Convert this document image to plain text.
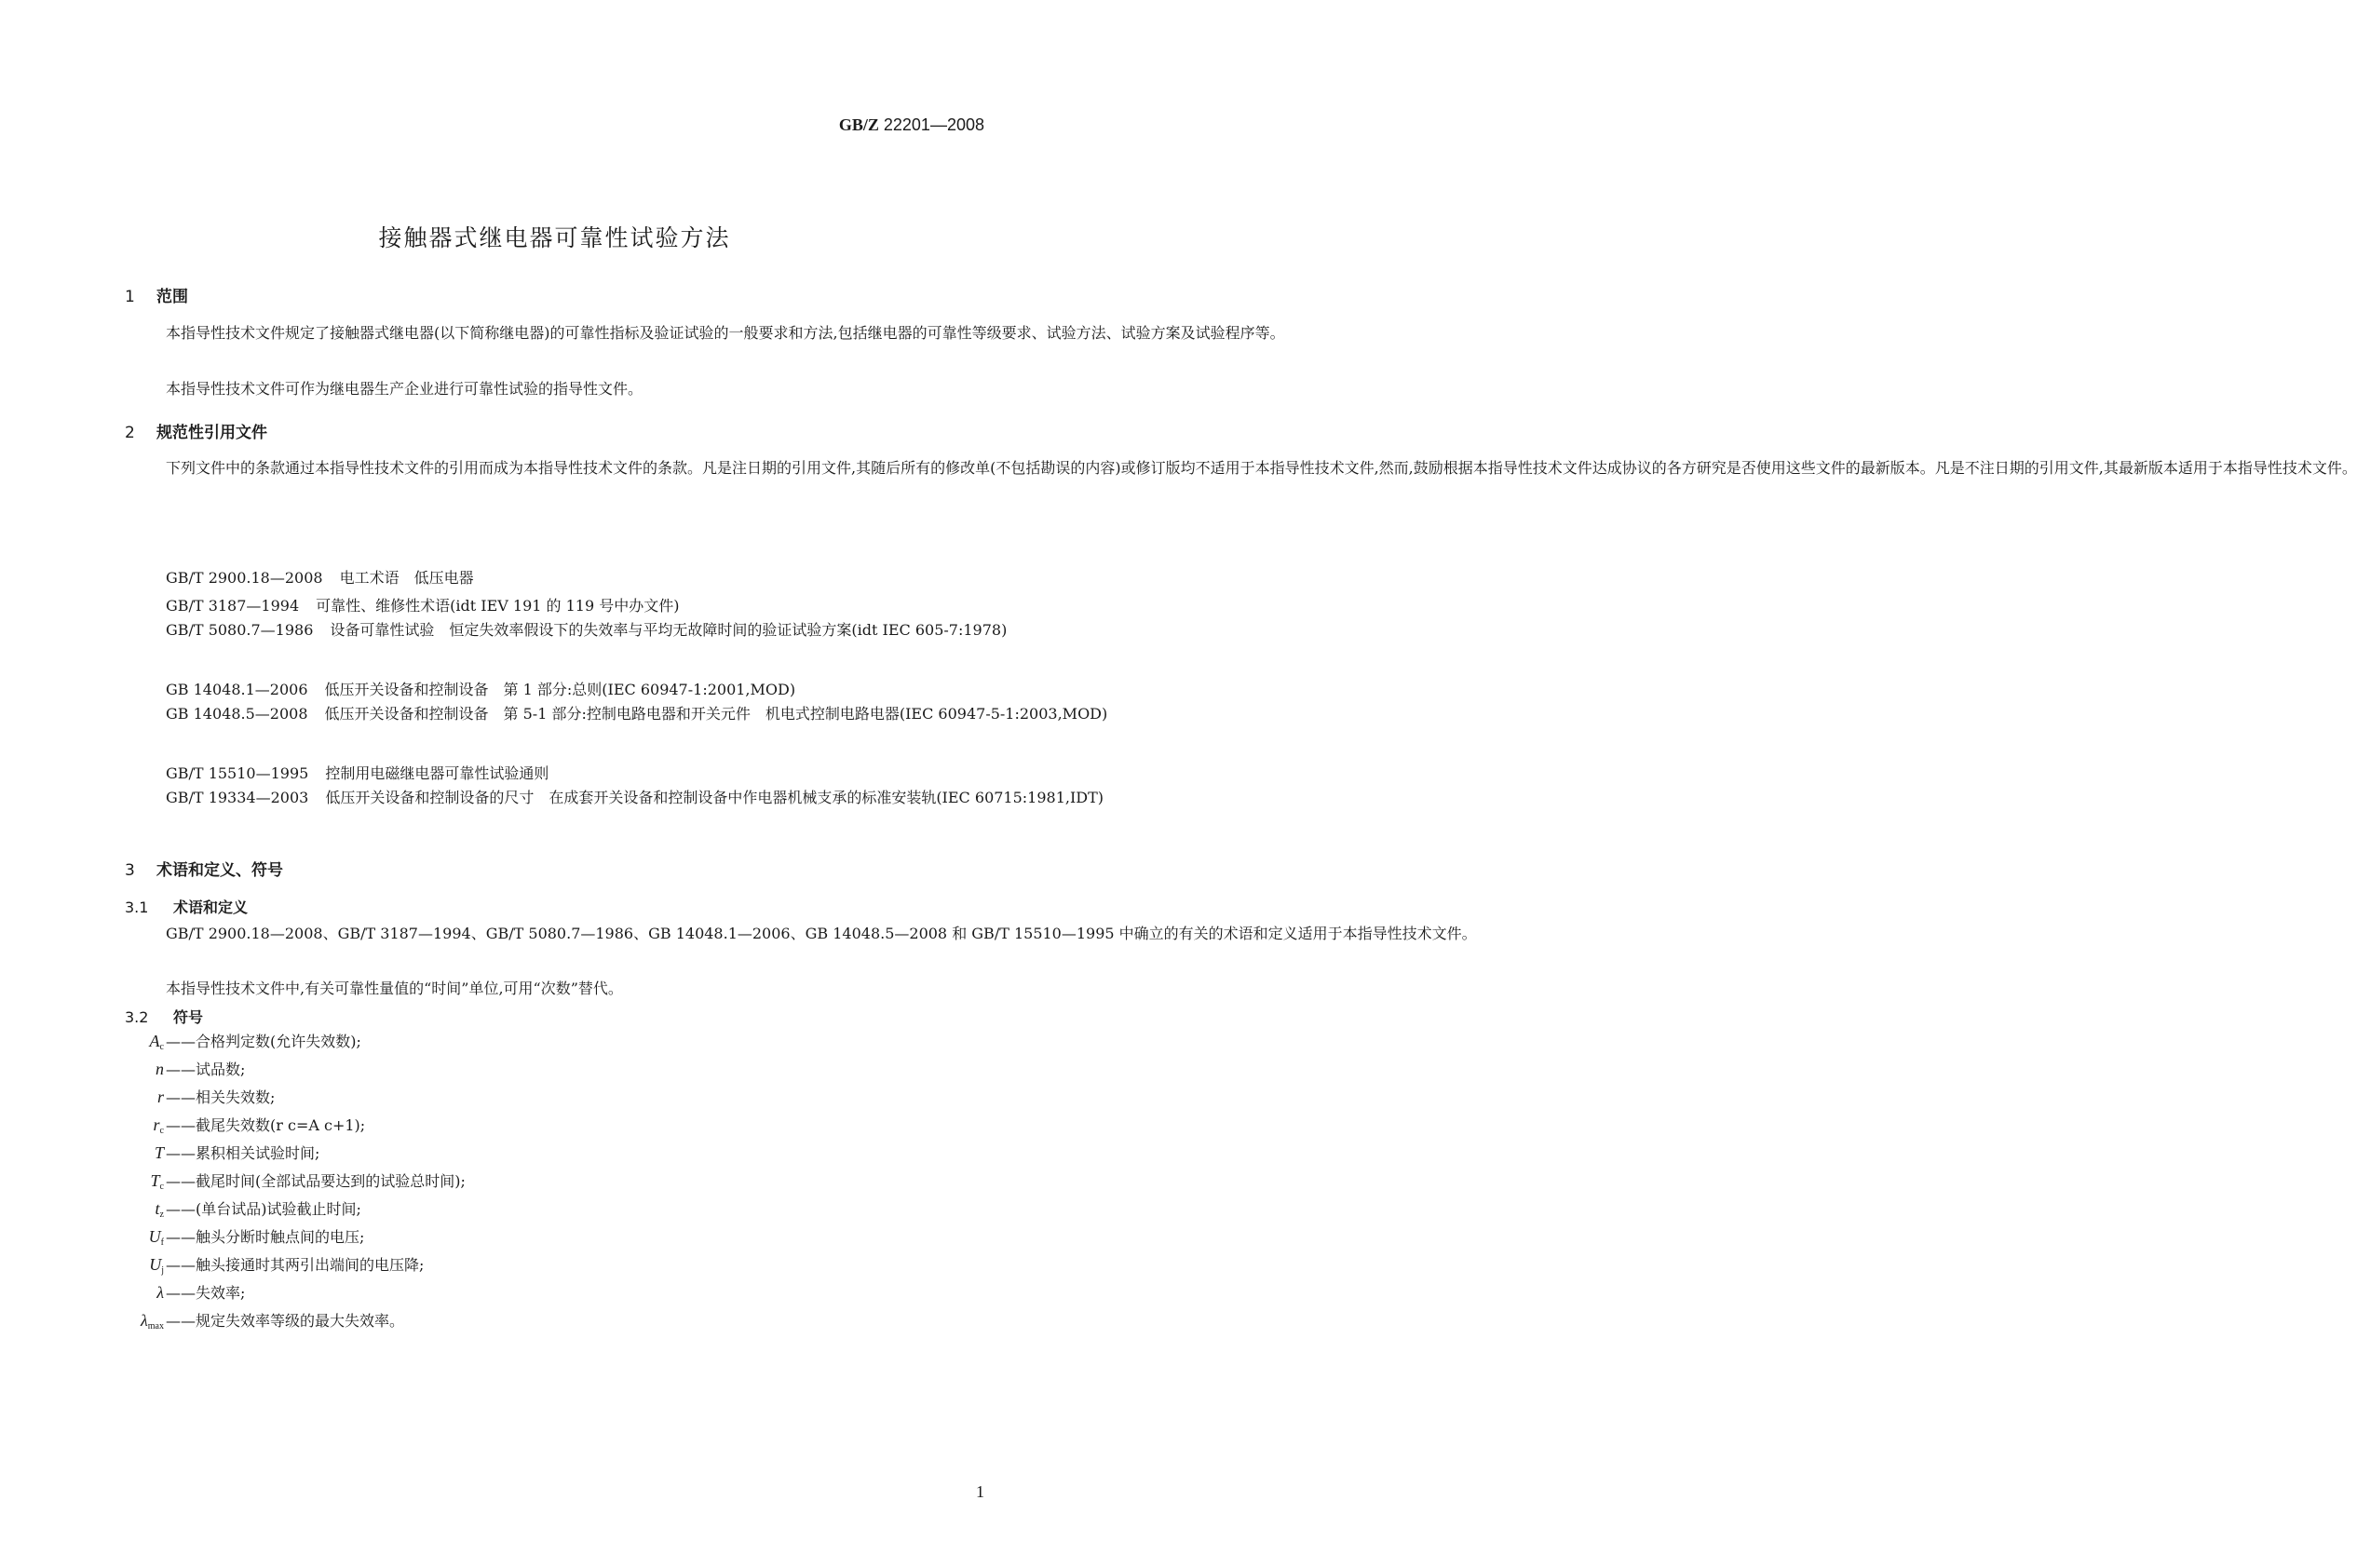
GB/Z 22201—2008
接触器式继电器可靠性试验方法
1 范围
本指导性技术文件规定了接触器式继电器(以下简称继电器)的可靠性指标及验证试验的一般要求和方法,包括继电器的可靠性等级要求、试验方法、试验方案及试验程序等。
本指导性技术文件可作为继电器生产企业进行可靠性试验的指导性文件。
2 规范性引用文件
下列文件中的条款通过本指导性技术文件的引用而成为本指导性技术文件的条款。凡是注日期的引用文件,其随后所有的修改单(不包括勘误的内容)或修订版均不适用于本指导性技术文件,然而,鼓励根据本指导性技术文件达成协议的各方研究是否使用这些文件的最新版本。凡是不注日期的引用文件,其最新版本适用于本指导性技术文件。
GB/T 2900.18—2008 电工术语　低压电器
GB/T 3187—1994 可靠性、维修性术语(idt IEV 191 的 119 号中办文件)
GB/T 5080.7—1986 设备可靠性试验　恒定失效率假设下的失效率与平均无故障时间的验证试验方案(idt IEC 605-7:1978)
GB 14048.1—2006 低压开关设备和控制设备　第 1 部分:总则(IEC 60947-1:2001,MOD)
GB 14048.5—2008 低压开关设备和控制设备　第 5-1 部分:控制电路电器和开关元件　机电式控制电路电器(IEC 60947-5-1:2003,MOD)
GB/T 15510—1995 控制用电磁继电器可靠性试验通则
GB/T 19334—2003 低压开关设备和控制设备的尺寸　在成套开关设备和控制设备中作电器机械支承的标准安装轨(IEC 60715:1981,IDT)
3 术语和定义、符号
3.1 术语和定义
GB/T 2900.18—2008、GB/T 3187—1994、GB/T 5080.7—1986、GB 14048.1—2006、GB 14048.5—2008 和 GB/T 15510—1995 中确立的有关的术语和定义适用于本指导性技术文件。
本指导性技术文件中,有关可靠性量值的“时间”单位,可用“次数”替代。
3.2 符号
$A_c$ ——合格判定数(允许失效数);
n ——试品数;
r ——相关失效数;
$r_c$ ——截尾失效数(r c=A c+1);
T ——累积相关试验时间;
$T_c$ ——截尾时间(全部试品要达到的试验总时间);
$t_z$ ——(单台试品)试验截止时间;
$U_f$ ——触头分断时触点间的电压;
$U_j$ ——触头接通时其两引出端间的电压降;
λ ——失效率;
$\lambda_{max}$ ——规定失效率等级的最大失效率。
1
